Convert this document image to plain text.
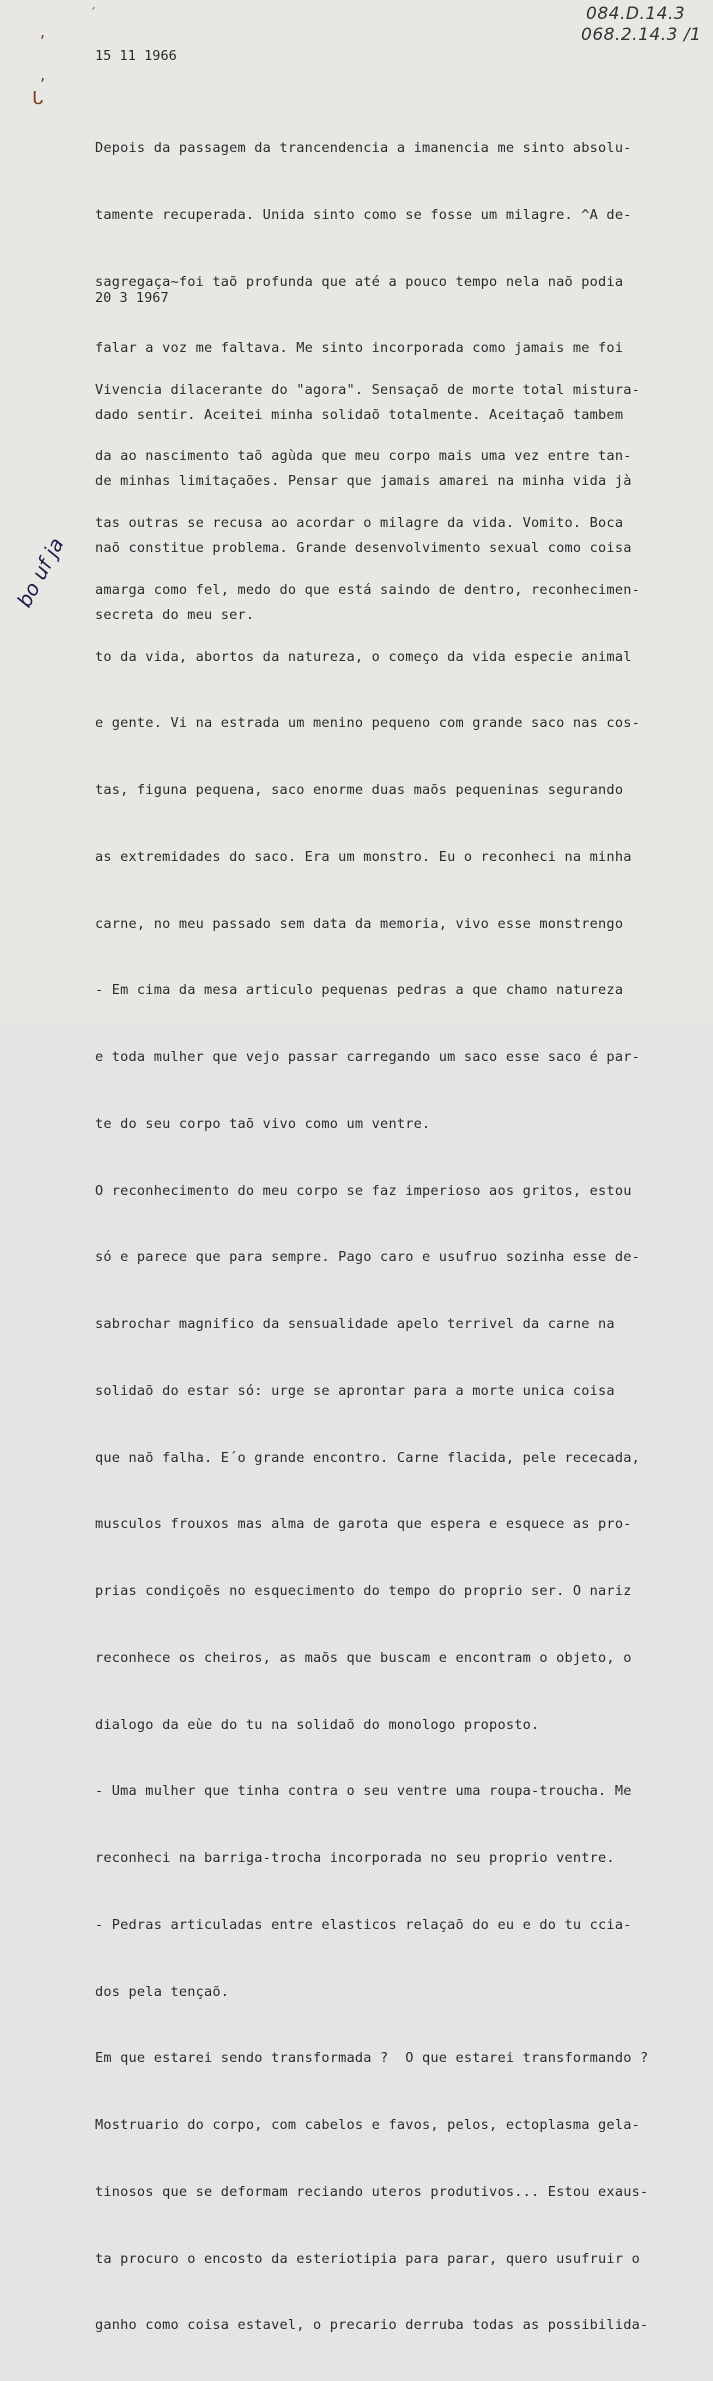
ˊ
,
‚
ᒐ
084.D.14.3
068.2.14.3 /1
15 11 1966

Depois da passagem da trancendencia a imanencia me sinto absolu-

tamente recuperada. Unida sinto como se fosse um milagre. ^A de-

sagregaça~foi taõ profunda que até a pouco tempo nela naõ podia

falar a voz me faltava. Me sinto incorporada como jamais me foi

dado sentir. Aceitei minha solidaõ totalmente. Aceitaçaõ tambem

de minhas limitaçaões. Pensar que jamais amarei na minha vida jà

naõ constitue problema. Grande desenvolvimento sexual como coisa

secreta do meu ser.

20 3 1967

Vivencia dilacerante do "agora". Sensaçaõ de morte total mistura-

da ao nascimento taõ agùda que meu corpo mais uma vez entre tan-

tas outras se recusa ao acordar o milagre da vida. Vomito. Boca

amarga como fel, medo do que está saindo de dentro, reconhecimen-

to da vida, abortos da natureza, o começo da vida especie animal

e gente. Vi na estrada um menino pequeno com grande saco nas cos-

tas, figuna pequena, saco enorme duas maõs pequeninas segurando

as extremidades do saco. Era um monstro. Eu o reconheci na minha

carne, no meu passado sem data da memoria, vivo esse monstrengo

- Em cima da mesa articulo pequenas pedras a que chamo natureza

e toda mulher que vejo passar carregando um saco esse saco é par-

te do seu corpo taõ vivo como um ventre.

O reconhecimento do meu corpo se faz imperioso aos gritos, estou

só e parece que para sempre. Pago caro e usufruo sozinha esse de-

sabrochar magnifico da sensualidade apelo terrivel da carne na

solidaõ do estar só: urge se aprontar para a morte unica coisa

que naõ falha. E´o grande encontro. Carne flacida, pele rececada,

musculos frouxos mas alma de garota que espera e esquece as pro-

prias condiçoẽs no esquecimento do tempo do proprio ser. O nariz

reconhece os cheiros, as maõs que buscam e encontram o objeto, o

dialogo da eùe do tu na solidaõ do monologo proposto.

- Uma mulher que tinha contra o seu ventre uma roupa-troucha. Me

reconheci na barriga-trocha incorporada no seu proprio ventre.

- Pedras articuladas entre elasticos relaçaõ do eu e do tu ccia-

dos pela tençaõ.

Em que estarei sendo transformada ?  O que estarei transformando ?

Mostruario do corpo, com cabelos e favos, pelos, ectoplasma gela-

tinosos que se deformam reciando uteros produtivos... Estou exaus-

ta procuro o encosto da esteriotipia para parar, quero usufruir o

ganho como coisa estavel, o precario derruba todas as possibilida-

bo uf ja
